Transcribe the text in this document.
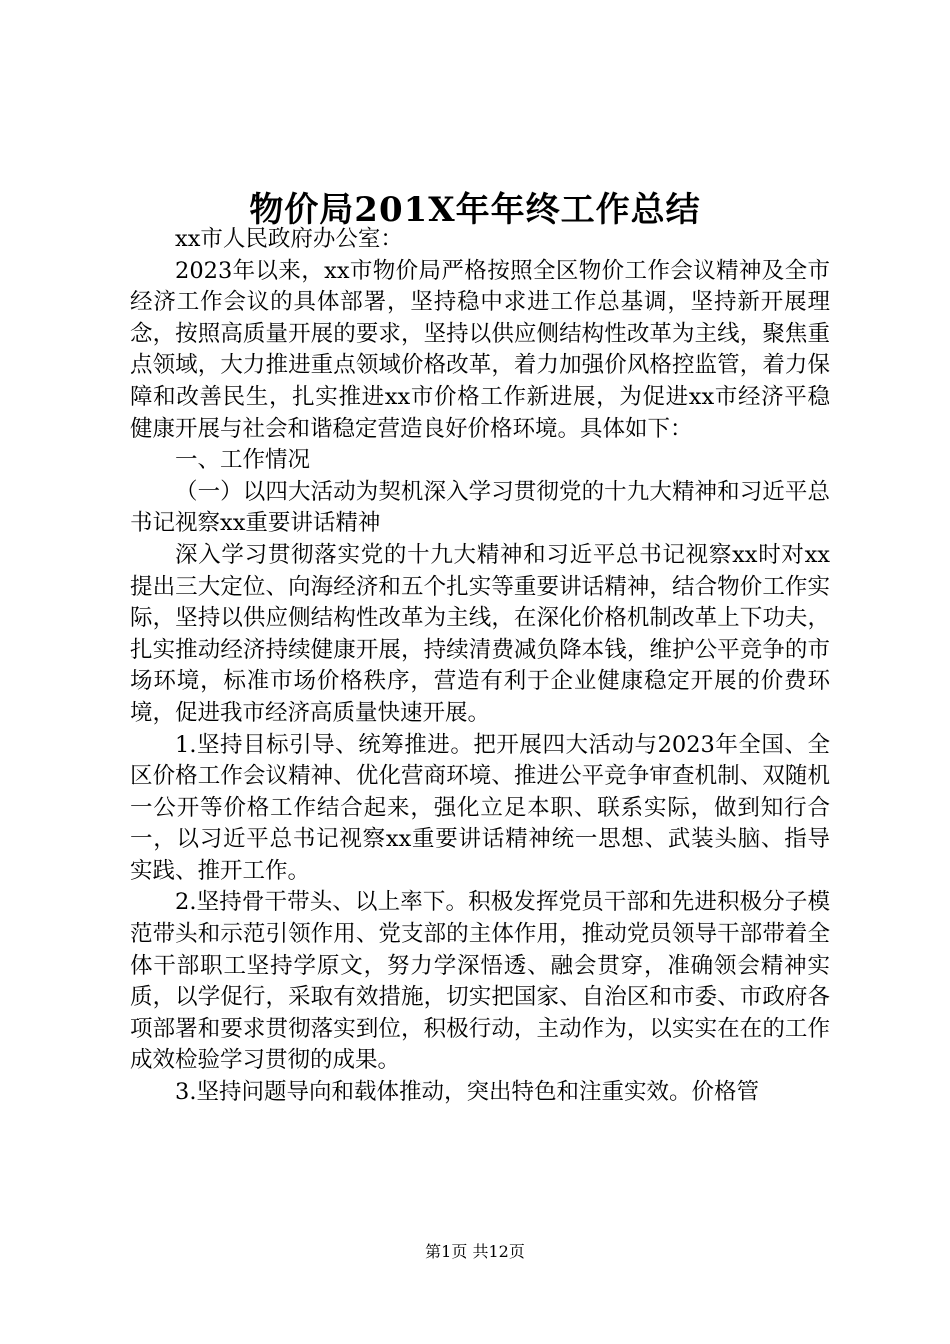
物价局201X年年终工作总结

xx市人民政府办公室：

2023年以来，xx市物价局严格按照全区物价工作会议精神及全市经济工作会议的具体部署，坚持稳中求进工作总基调，坚持新开展理念，按照高质量开展的要求，坚持以供应侧结构性改革为主线，聚焦重点领域，大力推进重点领域价格改革，着力加强价风格控监管，着力保障和改善民生，扎实推进xx市价格工作新进展，为促进xx市经济平稳健康开展与社会和谐稳定营造良好价格环境。具体如下：

一、工作情况

（一）以四大活动为契机深入学习贯彻党的十九大精神和习近平总书记视察xx重要讲话精神

深入学习贯彻落实党的十九大精神和习近平总书记视察xx时对xx提出三大定位、向海经济和五个扎实等重要讲话精神，结合物价工作实际，坚持以供应侧结构性改革为主线，在深化价格机制改革上下功夫，扎实推动经济持续健康开展，持续清费减负降本钱，维护公平竞争的市场环境，标准市场价格秩序，营造有利于企业健康稳定开展的价费环境，促进我市经济高质量快速开展。

1.坚持目标引导、统筹推进。把开展四大活动与2023年全国、全区价格工作会议精神、优化营商环境、推进公平竞争审查机制、双随机一公开等价格工作结合起来，强化立足本职、联系实际，做到知行合一，以习近平总书记视察xx重要讲话精神统一思想、武装头脑、指导实践、推开工作。

2.坚持骨干带头、以上率下。积极发挥党员干部和先进积极分子模范带头和示范引领作用、党支部的主体作用，推动党员领导干部带着全体干部职工坚持学原文，努力学深悟透、融会贯穿，准确领会精神实质，以学促行，采取有效措施，切实把国家、自治区和市委、市政府各项部署和要求贯彻落实到位，积极行动，主动作为，以实实在在的工作成效检验学习贯彻的成果。

3.坚持问题导向和载体推动，突出特色和注重实效。价格管

第1页 共12页
